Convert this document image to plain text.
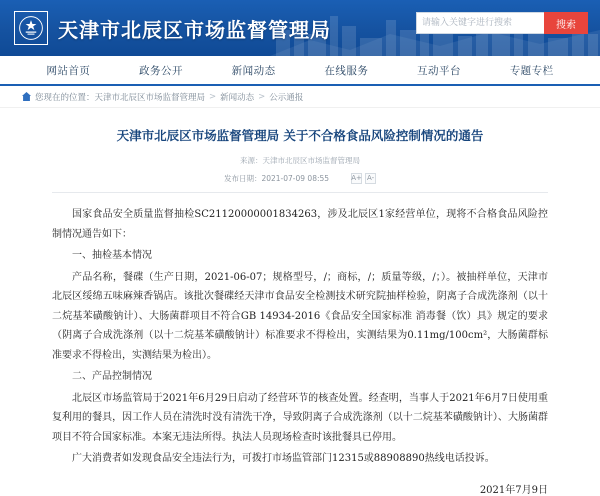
天津市北辰区市场监督管理局
请输入关键字进行搜索	搜索
网站首页	政务公开	新闻动态	在线服务	互动平台	专题专栏
您现在的位置： 天津市北辰区市场监督管理局 > 新闻动态 > 公示通报
天津市北辰区市场监督管理局 关于不合格食品风险控制情况的通告
来源：天津市北辰区市场监督管理局
发布日期：2021-07-09 08:55	A+ A-

国家食品安全质量监督抽检SC21120000001834263，涉及北辰区1家经营单位，现将不合格食品风险控制情况通告如下：

一、抽检基本情况

产品名称，餐碟（生产日期，2021-06-07；规格型号，/；商标，/；质量等级，/；）。被抽样单位，天津市北辰区绥绵五味麻辣香锅店。该批次餐碟经天津市食品安全检测技术研究院抽样检验，阴离子合成洗涤剂（以十二烷基苯磺酸钠计）、大肠菌群项目不符合GB 14934-2016《食品安全国家标准 消毒餐（饮）具》规定的要求（阴离子合成洗涤剂（以十二烷基苯磺酸钠计）标准要求不得检出，实测结果为0.11mg/100cm²，大肠菌群标准要求不得检出，实测结果为检出）。

二、产品控制情况

北辰区市场监管局于2021年6月29日启动了经营环节的核查处置。经查明，当事人于2021年6月7日使用重复利用的餐具，因工作人员在清洗时没有清洗干净，导致阴离子合成洗涤剂（以十二烷基苯磺酸钠计）、大肠菌群项目不符合国家标准。本案无违法所得。执法人员现场检查时该批餐具已停用。

广大消费者如发现食品安全违法行为，可拨打市场监管部门12315或88908890热线电话投诉。

2021年7月9日
